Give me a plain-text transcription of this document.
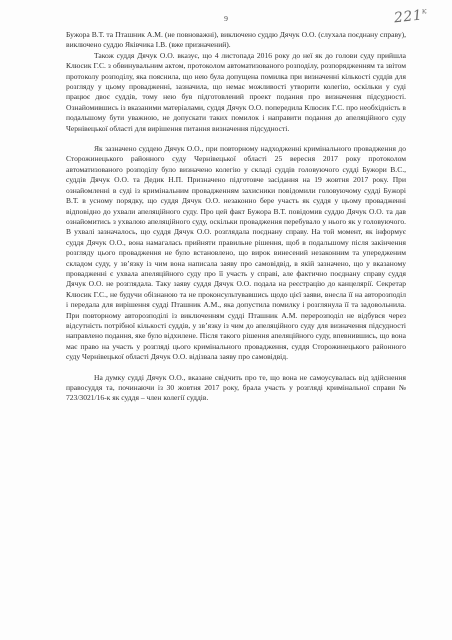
9	$221^к$

Бужора В.Т. та Пташник А.М. (не повноважні), виключено суддю Дячук О.О. (слухала поєднану справу), виключено суддю Яківчика І.В. (вже призначений).

Також суддя Дячук О.О. вказує, що 4 листопада 2016 року до неї як до голови суду прийшла Клюсик Г.С. з обвинувальним актом, протоколом автоматизованого розподілу, розпорядженням та звітом протоколу розподілу, яка пояснила, що нею була допущена помилка при визначенні кількості суддів для розгляду у цьому провадженні, зазначила, що немає можливості утворити колегію, оскільки у суді працює двоє суддів, тому нею був підготовлений проект подання про визначення підсудності. Ознайомившись із вказаними матеріалами, суддя Дячук О.О. попередила Клюсик Г.С. про необхідність в подальшому бути уважною, не допускати таких помилок і направити подання до апеляційного суду Чернівецької області для вирішення питання визначення підсудності.

Як зазначено суддею Дячук О.О., при повторному надходженні кримінального провадження до Сторожинецького районного суду Чернівецької області 25 вересня 2017 року протоколом автоматизованого розподілу було визначено колегію у складі суддів головуючого судді Бужори В.С., суддів Дячук О.О. та Дедик Н.П. Призначено підготовче засідання на 19 жовтня 2017 року. При ознайомленні в суді із кримінальним провадженням захисники повідомили головуючому судді Бужорі В.Т. в усному порядку, що суддя Дячук О.О. незаконно бере участь як суддя у цьому провадженні відповідно до ухвали апеляційного суду. Про цей факт Бужора В.Т. повідомив суддю Дячук О.О. та дав ознайомитись з ухвалою апеляційного суду, оскільки провадження перебувало у нього як у головуючого. В ухвалі зазначалось, що суддя Дячук О.О. розглядала поєднану справу. На той момент, як інформує суддя Дячук О.О., вона намагалась прийняти правильне рішення, щоб в подальшому після закінчення розгляду цього провадження не було встановлено, що вирок винесений незаконним та упередженим складом суду, у зв’язку із чим вона написала заяву про самовідвід, в якій зазначено, що у вказаному провадженні є ухвала апеляційного суду про її участь у справі, але фактично поєднану справу суддя Дячук О.О. не розглядала. Таку заяву суддя Дячук О.О. подала на реєстрацію до канцелярії. Секретар Клюсик Г.С., не будучи обізнаною та не проконсультувавшись щодо цієї заяви, внесла її на авторозподіл і передала для вирішення судді Пташник А.М., яка допустила помилку і розглянула її та задовольнила. При повторному авторозподілі із виключенням судді Пташник А.М. перерозподіл не відбувся через відсутність потрібної кількості суддів, у зв’язку із чим до апеляційного суду для визначення підсудності направлено подання, яке було відхилене. Після такого рішення апеляційного суду, впевнившись, що вона має право на участь у розгляді цього кримінального провадження, суддя Сторожинецького районного суду Чернівецької області Дячук О.О. відізвала заяву про самовідвід.

На думку судді Дячук О.О., вказане свідчить про те, що вона не самоусувалась від здійснення правосуддя та, починаючи із 30 жовтня 2017 року, брала участь у розгляді кримінальної справи № 723/3021/16-к як суддя – член колегії суддів.
